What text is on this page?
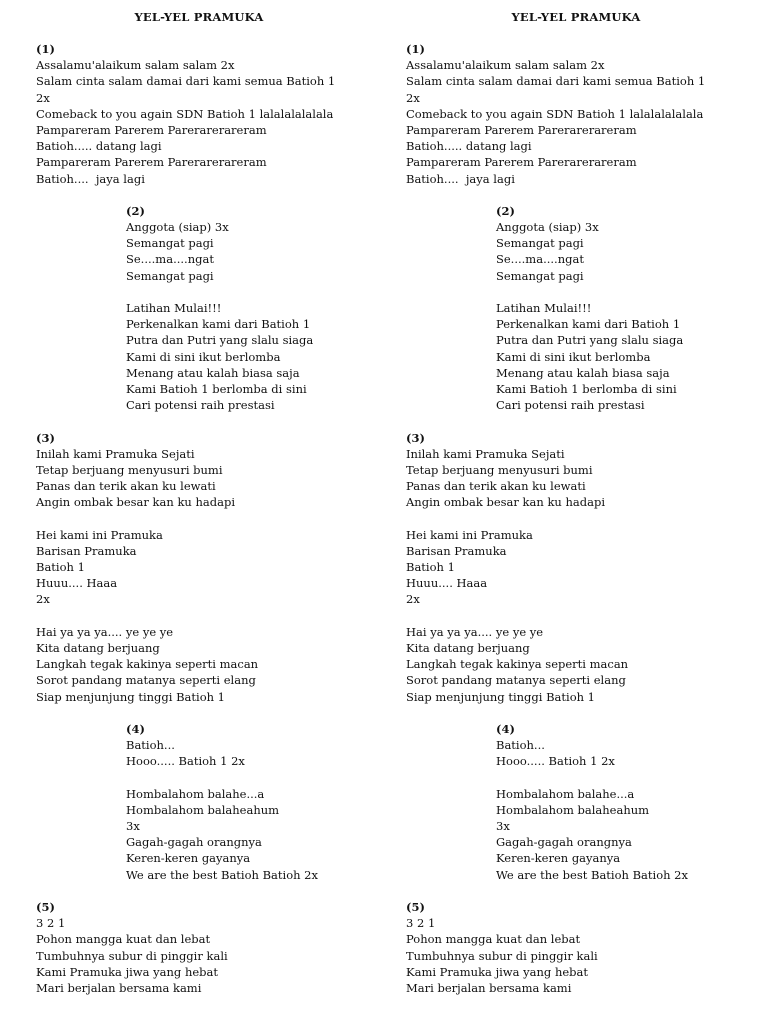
YEL-YEL PRAMUKA
(1)
Assalamu'alaikum salam salam 2x
Salam cinta salam damai dari kami semua Batioh 1
2x
Comeback to you again SDN Batioh 1 lalalalalalala
Pampareram Parerem Parerarerareram
Batioh..... datang lagi
Pampareram Parerem Parerarerareram
Batioh....  jaya lagi
(2)
Anggota (siap) 3x
Semangat pagi
Se....ma....ngat
Semangat pagi
Latihan Mulai!!!
Perkenalkan kami dari Batioh 1
Putra dan Putri yang slalu siaga
Kami di sini ikut berlomba
Menang atau kalah biasa saja
Kami Batioh 1 berlomba di sini
Cari potensi raih prestasi
(3)
Inilah kami Pramuka Sejati
Tetap berjuang menyusuri bumi
Panas dan terik akan ku lewati
Angin ombak besar kan ku hadapi
Hei kami ini Pramuka
Barisan Pramuka
Batioh 1
Huuu.... Haaa
2x
Hai ya ya ya.... ye ye ye
Kita datang berjuang
Langkah tegak kakinya seperti macan
Sorot pandang matanya seperti elang
Siap menjunjung tinggi Batioh 1
(4)
Batioh...
Hooo..... Batioh 1 2x
Hombalahom balahe...a
Hombalahom balaheahum
3x
Gagah-gagah orangnya
Keren-keren gayanya
We are the best Batioh Batioh 2x
(5)
3 2 1
Pohon mangga kuat dan lebat
Tumbuhnya subur di pinggir kali
Kami Pramuka jiwa yang hebat
Mari berjalan bersama kami
YEL-YEL PRAMUKA
(1)
Assalamu'alaikum salam salam 2x
Salam cinta salam damai dari kami semua Batioh 1
2x
Comeback to you again SDN Batioh 1 lalalalalalala
Pampareram Parerem Parerarerareram
Batioh..... datang lagi
Pampareram Parerem Parerarerareram
Batioh....  jaya lagi
(2)
Anggota (siap) 3x
Semangat pagi
Se....ma....ngat
Semangat pagi
Latihan Mulai!!!
Perkenalkan kami dari Batioh 1
Putra dan Putri yang slalu siaga
Kami di sini ikut berlomba
Menang atau kalah biasa saja
Kami Batioh 1 berlomba di sini
Cari potensi raih prestasi
(3)
Inilah kami Pramuka Sejati
Tetap berjuang menyusuri bumi
Panas dan terik akan ku lewati
Angin ombak besar kan ku hadapi
Hei kami ini Pramuka
Barisan Pramuka
Batioh 1
Huuu.... Haaa
2x
Hai ya ya ya.... ye ye ye
Kita datang berjuang
Langkah tegak kakinya seperti macan
Sorot pandang matanya seperti elang
Siap menjunjung tinggi Batioh 1
(4)
Batioh...
Hooo..... Batioh 1 2x
Hombalahom balahe...a
Hombalahom balaheahum
3x
Gagah-gagah orangnya
Keren-keren gayanya
We are the best Batioh Batioh 2x
(5)
3 2 1
Pohon mangga kuat dan lebat
Tumbuhnya subur di pinggir kali
Kami Pramuka jiwa yang hebat
Mari berjalan bersama kami
